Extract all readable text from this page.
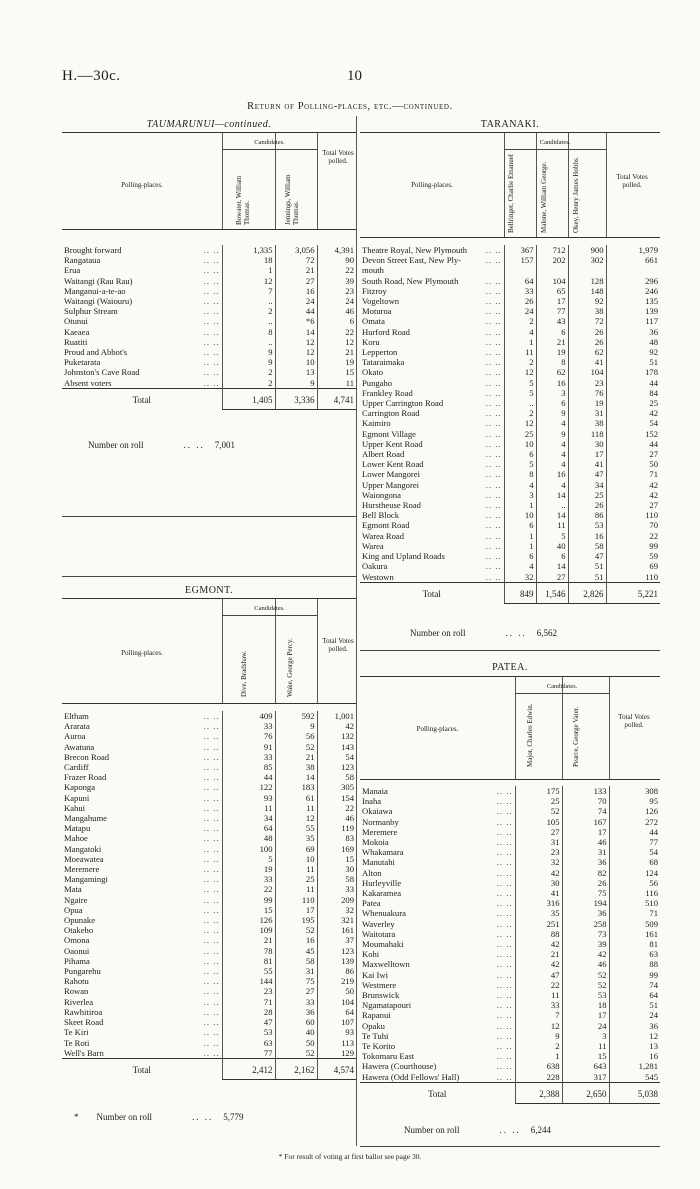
H.—30c.	10
Return of Polling-places, etc.—continued.
TAUMARUNUI—continued.
Candidates.
Polling-places.	Bowater, William Thomas.	Jennings, William Thomas.
Total Votes polled.
Brought forward .. ..	1,335	3,056	4,391

Rangataua .. ..	18	72	90

Erua .. ..	1	21	22

Waitangi (Rau Rau) .. ..	12	27	39

Manganui-a-te-ao .. ..	7	16	23

Waitangi (Waiouru) .. ..	..	24	24

Sulphur Stream .. ..	2	44	46

Otunui .. ..	..	*6	6

Kaeaea .. ..	8	14	22

Ruatiti .. ..	..	12	12

Proud and Abbot's .. ..	9	12	21

Puketarata .. ..	9	10	19

Johnston's Cave Road .. ..	2	13	15

Absent voters .. ..	2	9	11
Total	1,405	3,336	4,741
EGMONT.
Candidates.
Polling-places.	Dive, Bradshaw.	Wake, George Percy.	Total Votes polled.
Eltham .. ..	409	592	1,001

Ararata .. ..	33	9	42

Auroa .. ..	76	56	132

Awatuna .. ..	91	52	143

Brecon Road .. ..	33	21	54

Cardiff .. ..	85	38	123

Frazer Road .. ..	44	14	58

Kaponga .. ..	122	183	305

Kapuni .. ..	93	61	154

Kahui .. ..	11	11	22

Mangahume .. ..	34	12	46

Matapu .. ..	64	55	119

Mahoe .. ..	48	35	83

Mangatoki .. ..	100	69	169

Moeawatea .. ..	5	10	15

Meremere .. ..	19	11	30

Mangamingi .. ..	33	25	58

Mata .. ..	22	11	33

Ngaire .. ..	99	110	209

Opua .. ..	15	17	32

Opunake .. ..	126	195	321

Otakeho .. ..	109	52	161

Omona .. ..	21	16	37

Oaonui .. ..	78	45	123

Pihama .. ..	81	58	139

Pungarehu .. ..	55	31	86

Rahotu .. ..	144	75	219

Rowan .. ..	23	27	50

Riverlea .. ..	71	33	104

Rawhitiroa .. ..	28	36	64

Skeet Road .. ..	47	60	107

Te Kiri .. ..	53	40	93

Te Roti .. ..	63	50	113

Well's Barn .. ..	77	52	129
Total	2,412	2,162	4,574
TARANAKI.
Candidates.
Polling-places.	Bellringer, Charlie Emanuel	Malone, William George.	Okey, Henry James Hobbs.	Total Votes polled.
Theatre Royal, New Plymouth .. ..	367	712	900	1,979

Devon Street East, New Ply- .. ..	157	202	302	661

mouth				

South Road, New Plymouth .. ..	64	104	128	296

Fitzroy .. ..	33	65	148	246

Vogeltown .. ..	26	17	92	135

Moturoa .. ..	24	77	38	139

Omata .. ..	2	43	72	117

Hurford Road .. ..	4	6	26	36

Koru .. ..	1	21	26	48

Lepperton .. ..	11	19	62	92

Tataraimaka .. ..	2	8	41	51

Okato .. ..	12	62	104	178

Pungaho .. ..	5	16	23	44

Frankley Road .. ..	5	3	76	84

Upper Carrington Road .. ..	..	6	19	25

Carrington Road .. ..	2	9	31	42

Kaimiro .. ..	12	4	38	54

Egmont Village .. ..	25	9	118	152

Upper Kent Road .. ..	10	4	30	44

Albert Road .. ..	6	4	17	27

Lower Kent Road .. ..	5	4	41	50

Lower Mangorei .. ..	8	16	47	71

Upper Mangorei .. ..	4	4	34	42

Waiongona .. ..	3	14	25	42

Hurstheuse Road .. ..	1	..	26	27

Bell Block .. ..	10	14	86	110

Egmont Road .. ..	6	11	53	70

Warea Road .. ..	1	5	16	22

Warea .. ..	1	40	58	99

King and Upland Roads .. ..	6	6	47	59

Oakura .. ..	4	14	51	69

Westown .. ..	32	27	51	110
Total	849	1,546	2,826	5,221
PATEA.
Candidates.
Polling-places.	Major, Charles Edwin.	Pearce, George Vater.	Total Votes polled.
Manaia .. ..	175	133	308

Inaha .. ..	25	70	95

Okaiawa .. ..	52	74	126

Normanby .. ..	105	167	272

Meremere .. ..	27	17	44

Mokoia .. ..	31	46	77

Whakamara .. ..	23	31	54

Manutahi .. ..	32	36	68

Alton .. ..	42	82	124

Hurleyville .. ..	30	26	56

Kakaramea .. ..	41	75	116

Patea .. ..	316	194	510

Whenuakura .. ..	35	36	71

Waverley .. ..	251	258	509

Waitotara .. ..	88	73	161

Moumahaki .. ..	42	39	81

Kohi .. ..	21	42	63

Maxwelltown .. ..	42	46	88

Kai Iwi .. ..	47	52	99

Westmere .. ..	22	52	74

Brunswick .. ..	11	53	64

Ngamatapouri .. ..	33	18	51

Rapanui .. ..	7	17	24

Opaku .. ..	12	24	36

Te Tuhi .. ..	9	3	12

Te Korito .. ..	2	11	13

Tokomaru East .. ..	1	15	16

Hawera (Courthouse) .. ..	638	643	1,281

Hawera (Odd Fellows' Hall) .. ..	228	317	545
Total	2,388	2,650	5,038
* For result of voting at first ballot see page 30.
Number on roll	.. .. 7,001
* Number on roll	.. .. 5,779
Number on roll	.. .. 6,562
Number on roll	.. .. 6,244
